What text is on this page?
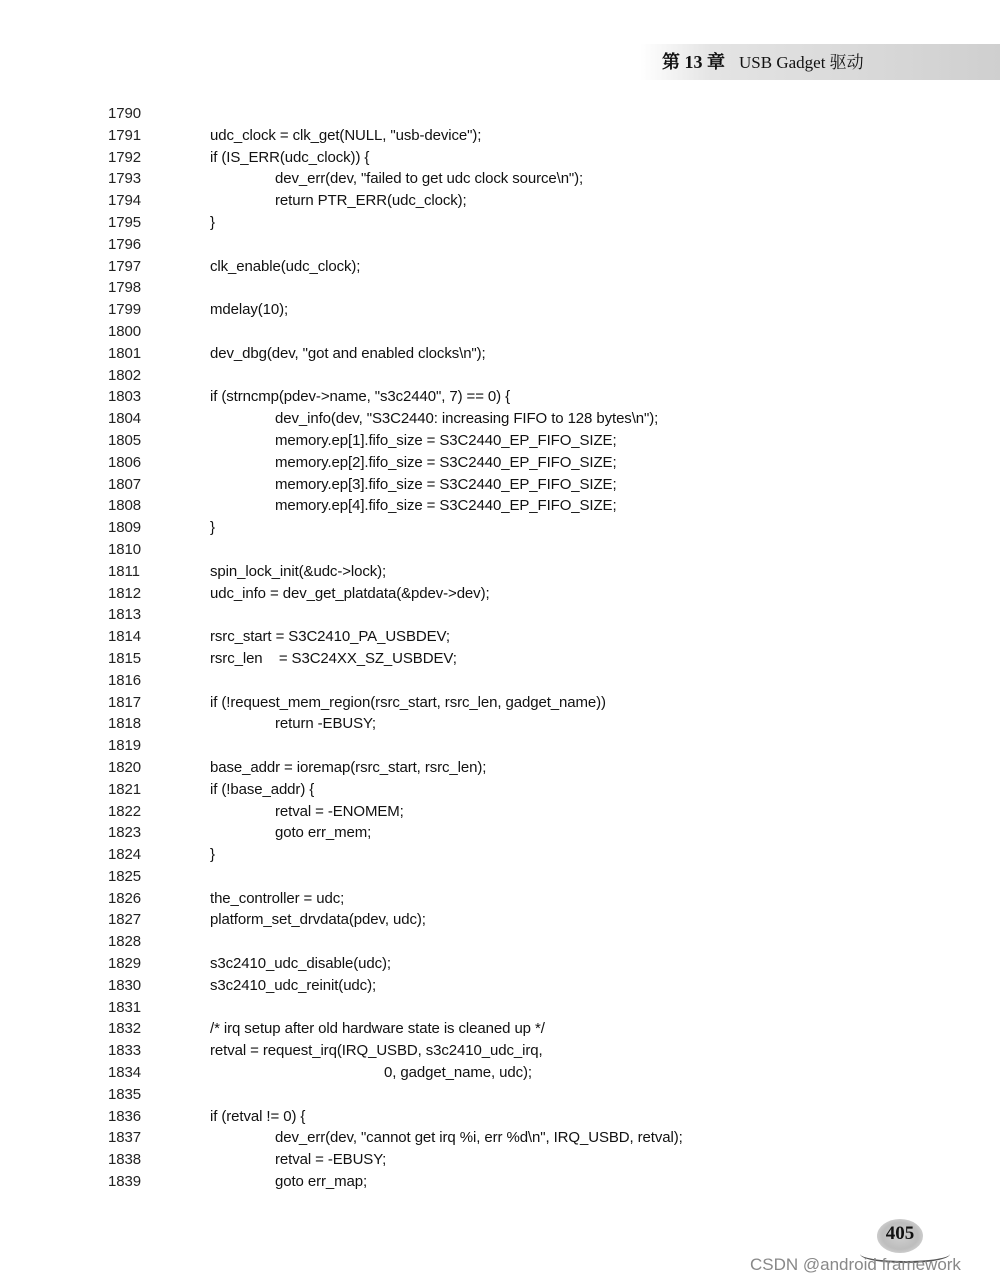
第 13 章 USB Gadget 驱动
1790
1791	udc_clock = clk_get(NULL, "usb-device");
1792	if (IS_ERR(udc_clock)) {
1793	dev_err(dev, "failed to get udc clock source\n");
1794	return PTR_ERR(udc_clock);
1795	}
1796
1797	clk_enable(udc_clock);
1798
1799	mdelay(10);
1800
1801	dev_dbg(dev, "got and enabled clocks\n");
1802
1803	if (strncmp(pdev->name, "s3c2440", 7) == 0) {
1804	dev_info(dev, "S3C2440: increasing FIFO to 128 bytes\n");
1805	memory.ep[1].fifo_size = S3C2440_EP_FIFO_SIZE;
1806	memory.ep[2].fifo_size = S3C2440_EP_FIFO_SIZE;
1807	memory.ep[3].fifo_size = S3C2440_EP_FIFO_SIZE;
1808	memory.ep[4].fifo_size = S3C2440_EP_FIFO_SIZE;
1809	}
1810
1811	spin_lock_init(&udc->lock);
1812	udc_info = dev_get_platdata(&pdev->dev);
1813
1814	rsrc_start = S3C2410_PA_USBDEV;
1815	rsrc_len    = S3C24XX_SZ_USBDEV;
1816
1817	if (!request_mem_region(rsrc_start, rsrc_len, gadget_name))
1818	return -EBUSY;
1819
1820	base_addr = ioremap(rsrc_start, rsrc_len);
1821	if (!base_addr) {
1822	retval = -ENOMEM;
1823	goto err_mem;
1824	}
1825
1826	the_controller = udc;
1827	platform_set_drvdata(pdev, udc);
1828
1829	s3c2410_udc_disable(udc);
1830	s3c2410_udc_reinit(udc);
1831
1832	/* irq setup after old hardware state is cleaned up */
1833	retval = request_irq(IRQ_USBD, s3c2410_udc_irq,
1834	0, gadget_name, udc);
1835
1836	if (retval != 0) {
1837	dev_err(dev, "cannot get irq %i, err %d\n", IRQ_USBD, retval);
1838	retval = -EBUSY;
1839	goto err_map;
405
CSDN @android framework
